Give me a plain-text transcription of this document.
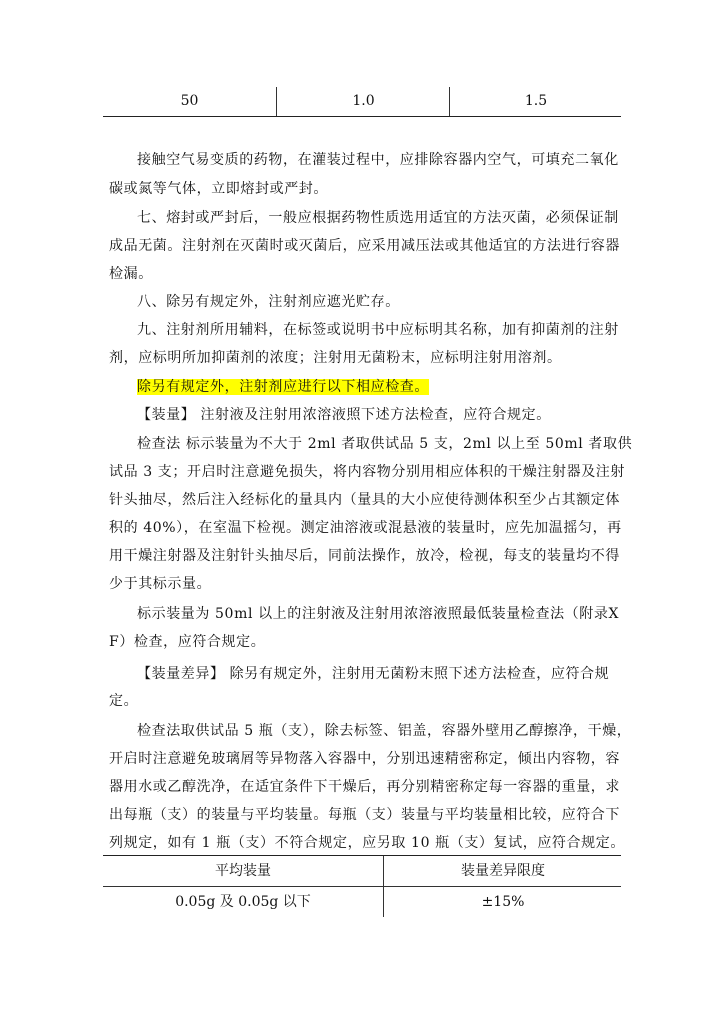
50	1.0	1.5
接触空气易变质的药物，在灌装过程中，应排除容器内空气，可填充二氧化
碳或氮等气体，立即熔封或严封。
七、熔封或严封后，一般应根据药物性质选用适宜的方法灭菌，必须保证制
成品无菌。注射剂在灭菌时或灭菌后，应采用减压法或其他适宜的方法进行容器
检漏。
八、除另有规定外，注射剂应遮光贮存。
九、注射剂所用辅料，在标签或说明书中应标明其名称，加有抑菌剂的注射
剂，应标明所加抑菌剂的浓度；注射用无菌粉末，应标明注射用溶剂。
除另有规定外，注射剂应进行以下相应检查。
【装量】 注射液及注射用浓溶液照下述方法检查，应符合规定。
检查法 标示装量为不大于 2ml 者取供试品 5 支，2ml 以上至 50ml 者取供
试品 3 支；开启时注意避免损失，将内容物分别用相应体积的干燥注射器及注射
针头抽尽，然后注入经标化的量具内（量具的大小应使待测体积至少占其额定体
积的 40%），在室温下检视。测定油溶液或混悬液的装量时，应先加温摇匀，再
用干燥注射器及注射针头抽尽后，同前法操作，放冷，检视，每支的装量均不得
少于其标示量。
标示装量为 50ml 以上的注射液及注射用浓溶液照最低装量检查法（附录Ⅹ
F）检查，应符合规定。
【装量差异】 除另有规定外，注射用无菌粉末照下述方法检查，应符合规
定。
检查法取供试品 5 瓶（支），除去标签、铝盖，容器外壁用乙醇擦净，干燥，
开启时注意避免玻璃屑等异物落入容器中，分别迅速精密称定，倾出内容物，容
器用水或乙醇洗净，在适宜条件下干燥后，再分别精密称定每一容器的重量，求
出每瓶（支）的装量与平均装量。每瓶（支）装量与平均装量相比较，应符合下
列规定，如有 1 瓶（支）不符合规定，应另取 10 瓶（支）复试，应符合规定。
平均装量	装量差异限度
0.05g 及 0.05g 以下	±15%
